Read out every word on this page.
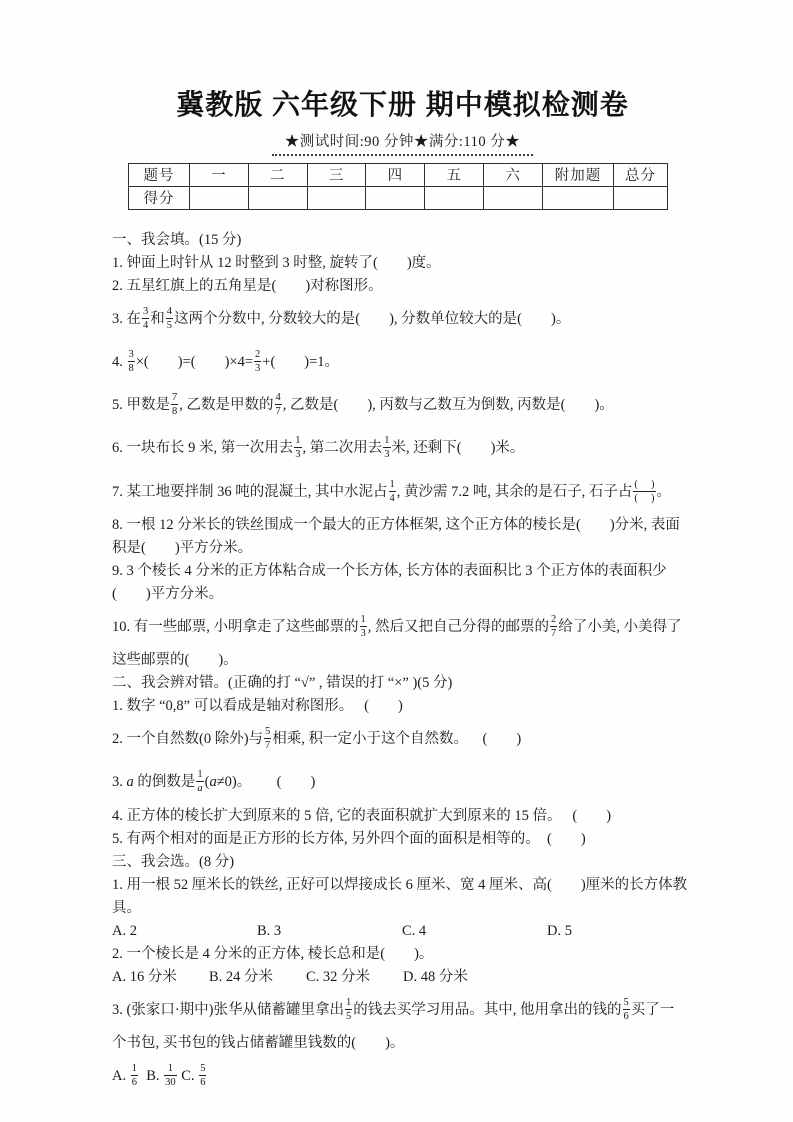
冀教版 六年级下册 期中模拟检测卷
★测试时间:90 分钟★满分:110 分★
题号	一	二	三	四	五	六	附加题	总分
得分								
一、我会填。(15 分)
1. 钟面上时针从 12 时整到 3 时整, 旋转了(        )度。
2. 五星红旗上的五角星是(        )对称图形。
3. 在 $\frac{3}{4}$ 和 $\frac{4}{5}$ 这两个分数中, 分数较大的是(        ), 分数单位较大的是(        )。
4. $\frac{3}{8}$ ×(        )=(        )$\times 4= \frac{2}{3}$ +(        )=1。
5. 甲数是 $\frac{7}{8}$ , 乙数是甲数的 $\frac{4}{7}$ , 乙数是(        ), 丙数与乙数互为倒数, 丙数是(        )。
6. 一块布长 9 米, 第一次用去 $\frac{1}{3}$ , 第二次用去 $\frac{1}{3}$ 米, 还剩下(        )米。
7. 某工地要拌制 36 吨的混凝土, 其中水泥占 $\frac{1}{4}$ , 黄沙需 7.2 吨, 其余的是石子, 石子占 $\frac{( )}{( )}$ 。
8. 一根 12 分米长的铁丝围成一个最大的正方体框架, 这个正方体的棱长是(        )分米, 表面
积是(        )平方分米。
9. 3 个棱长 4 分米的正方体粘合成一个长方体, 长方体的表面积比 3 个正方体的表面积少
(        )平方分米。
10. 有一些邮票, 小明拿走了这些邮票的 $\frac{1}{3}$ , 然后又把自己分得的邮票的 $\frac{2}{7}$ 给了小美, 小美得了
这些邮票的(        )。
二、我会辨对错。(正确的打 “√” , 错误的打 “×” )(5 分)
1. 数字 “0,8” 可以看成是轴对称图形。　 (        )
2. 一个自然数(0 除外)与 $\frac{5}{7}$ 相乘, 积一定小于这个自然数。　  (        )
3. a 的倒数是 $\frac{1}{a} (a\ne 0)$。　　 (        )
4. 正方体的棱长扩大到原来的 5 倍, 它的表面积就扩大到原来的 15 倍。　 (        )
5. 有两个相对的面是正方形的长方体, 另外四个面的面积是相等的。　(        )
三、我会选。(8 分)
1. 用一根 52 厘米长的铁丝, 正好可以焊接成长 6 厘米、宽 4 厘米、高(        )厘米的长方体教
具。
A. 2	B. 3	C. 4	D. 5
2. 一个棱长是 4 分米的正方体, 棱长总和是(        )。
A. 16 分米 B. 24 分米 C. 32 分米 D. 48 分米
3. (张家口·期中)张华从储蓄罐里拿出 $\frac{1}{5}$ 的钱去买学习用品。其中, 他用拿出的钱的 $\frac{5}{6}$ 买了一
个书包, 买书包的钱占储蓄罐里钱数的(        )。
A. $\frac{1}{6} B$. $\frac{1}{30} C$. $\frac{5}{6}$
